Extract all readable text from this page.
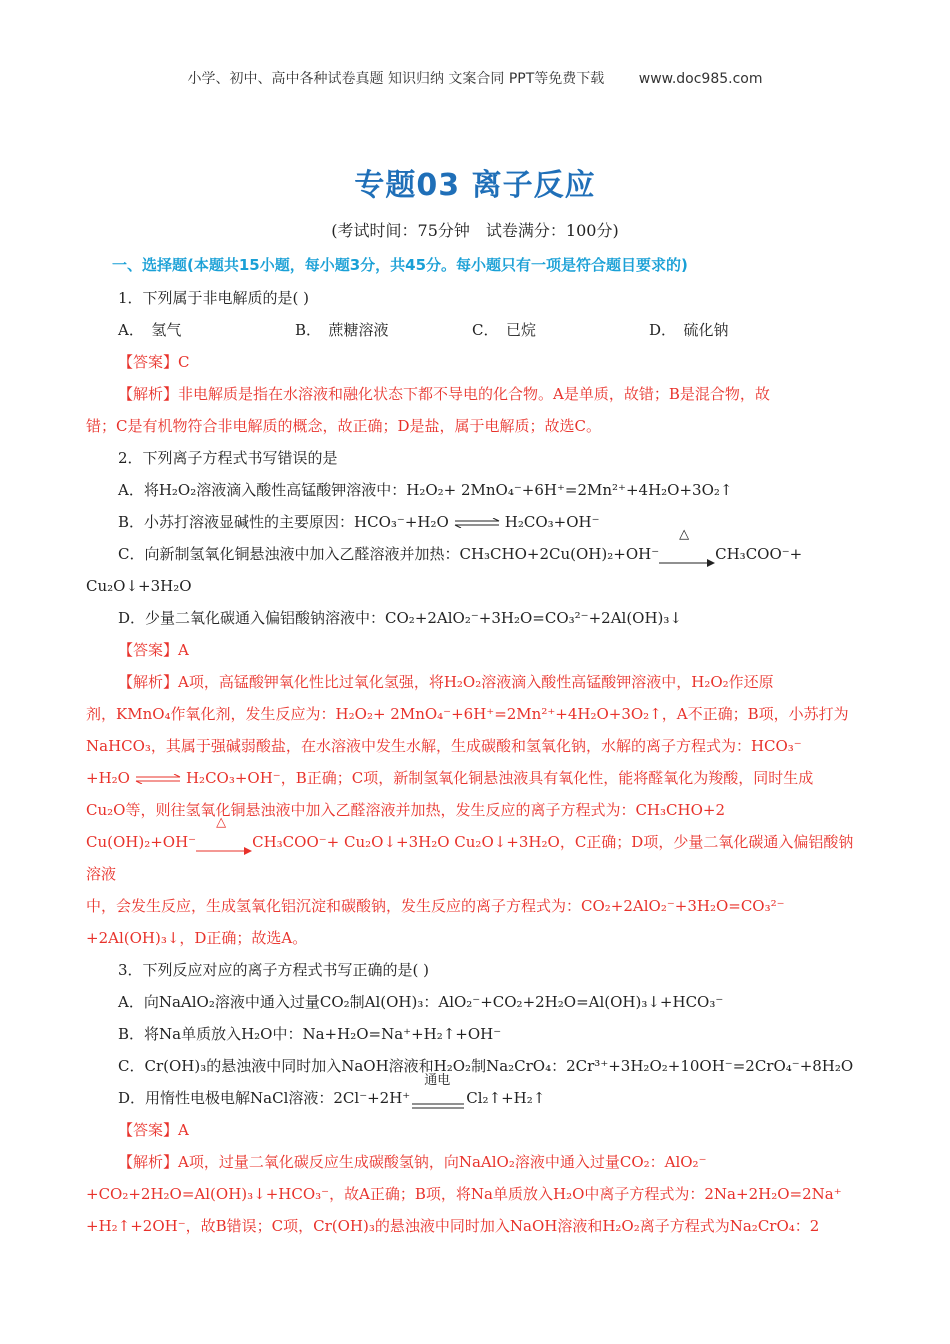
小学、初中、高中各种试卷真题 知识归纳 文案合同 PPT等免费下载 www.doc985.com
专题03 离子反应
(考试时间：75分钟　试卷满分：100分)
一、选择题(本题共15小题，每小题3分，共45分。每小题只有一项是符合题目要求的)

1．下列属于非电解质的是( )

A．　氢气	B．　蔗糖溶液	C．　已烷	D．　硫化钠

【答案】C

【解析】非电解质是指在水溶液和融化状态下都不导电的化合物。A是单质，故错；B是混合物，故

错；C是有机物符合非电解质的概念，故正确；D是盐，属于电解质；故选C。

2．下列离子方程式书写错误的是

A．将H₂O₂溶液滴入酸性高锰酸钾溶液中：H₂O₂+ 2MnO₄⁻+6H⁺=2Mn²⁺+4H₂O+3O₂↑

B．小苏打溶液显碱性的主要原因：HCO₃⁻+H₂O ⇌ H₂CO₃+OH⁻

C．向新制氢氧化铜悬浊液中加入乙醛溶液并加热：CH₃CHO+2Cu(OH)₂+OH⁻
△
CH₃COO⁻+

Cu₂O↓+3H₂O

D．少量二氧化碳通入偏铝酸钠溶液中：CO₂+2AlO₂⁻+3H₂O=CO₃²⁻+2Al(OH)₃↓

【答案】A

【解析】A项，高锰酸钾氧化性比过氧化氢强，将H₂O₂溶液滴入酸性高锰酸钾溶液中，H₂O₂作还原

剂，KMnO₄作氧化剂，发生反应为：H₂O₂+ 2MnO₄⁻+6H⁺=2Mn²⁺+4H₂O+3O₂↑，A不正确；B项，小苏打为

NaHCO₃，其属于强碱弱酸盐，在水溶液中发生水解，生成碳酸和氢氧化钠，水解的离子方程式为：HCO₃⁻

+H₂O ⇌ H₂CO₃+OH⁻，B正确；C项，新制氢氧化铜悬浊液具有氧化性，能将醛氧化为羧酸，同时生成

Cu₂O等，则往氢氧化铜悬浊液中加入乙醛溶液并加热，发生反应的离子方程式为：CH₃CHO+2

Cu(OH)₂+OH⁻
△
CH₃COO⁻+ Cu₂O↓+3H₂O Cu₂O↓+3H₂O，C正确；D项，少量二氧化碳通入偏铝酸钠溶液

中，会发生反应，生成氢氧化铝沉淀和碳酸钠，发生反应的离子方程式为：CO₂+2AlO₂⁻+3H₂O=CO₃²⁻

+2Al(OH)₃↓，D正确；故选A。

3．下列反应对应的离子方程式书写正确的是( )

A．向NaAlO₂溶液中通入过量CO₂制Al(OH)₃：AlO₂⁻+CO₂+2H₂O=Al(OH)₃↓+HCO₃⁻

B．将Na单质放入H₂O中：Na+H₂O=Na⁺+H₂↑+OH⁻

C．Cr(OH)₃的悬浊液中同时加入NaOH溶液和H₂O₂制Na₂CrO₄：2Cr³⁺+3H₂O₂+10OH⁻=2CrO₄⁻+8H₂O

D．用惰性电极电解NaCl溶液：2Cl⁻+2H⁺
通电
Cl₂↑+H₂↑

【答案】A

【解析】A项，过量二氧化碳反应生成碳酸氢钠，向NaAlO₂溶液中通入过量CO₂：AlO₂⁻

+CO₂+2H₂O=Al(OH)₃↓+HCO₃⁻，故A正确；B项，将Na单质放入H₂O中离子方程式为：2Na+2H₂O=2Na⁺

+H₂↑+2OH⁻，故B错误；C项，Cr(OH)₃的悬浊液中同时加入NaOH溶液和H₂O₂离子方程式为Na₂CrO₄：2
